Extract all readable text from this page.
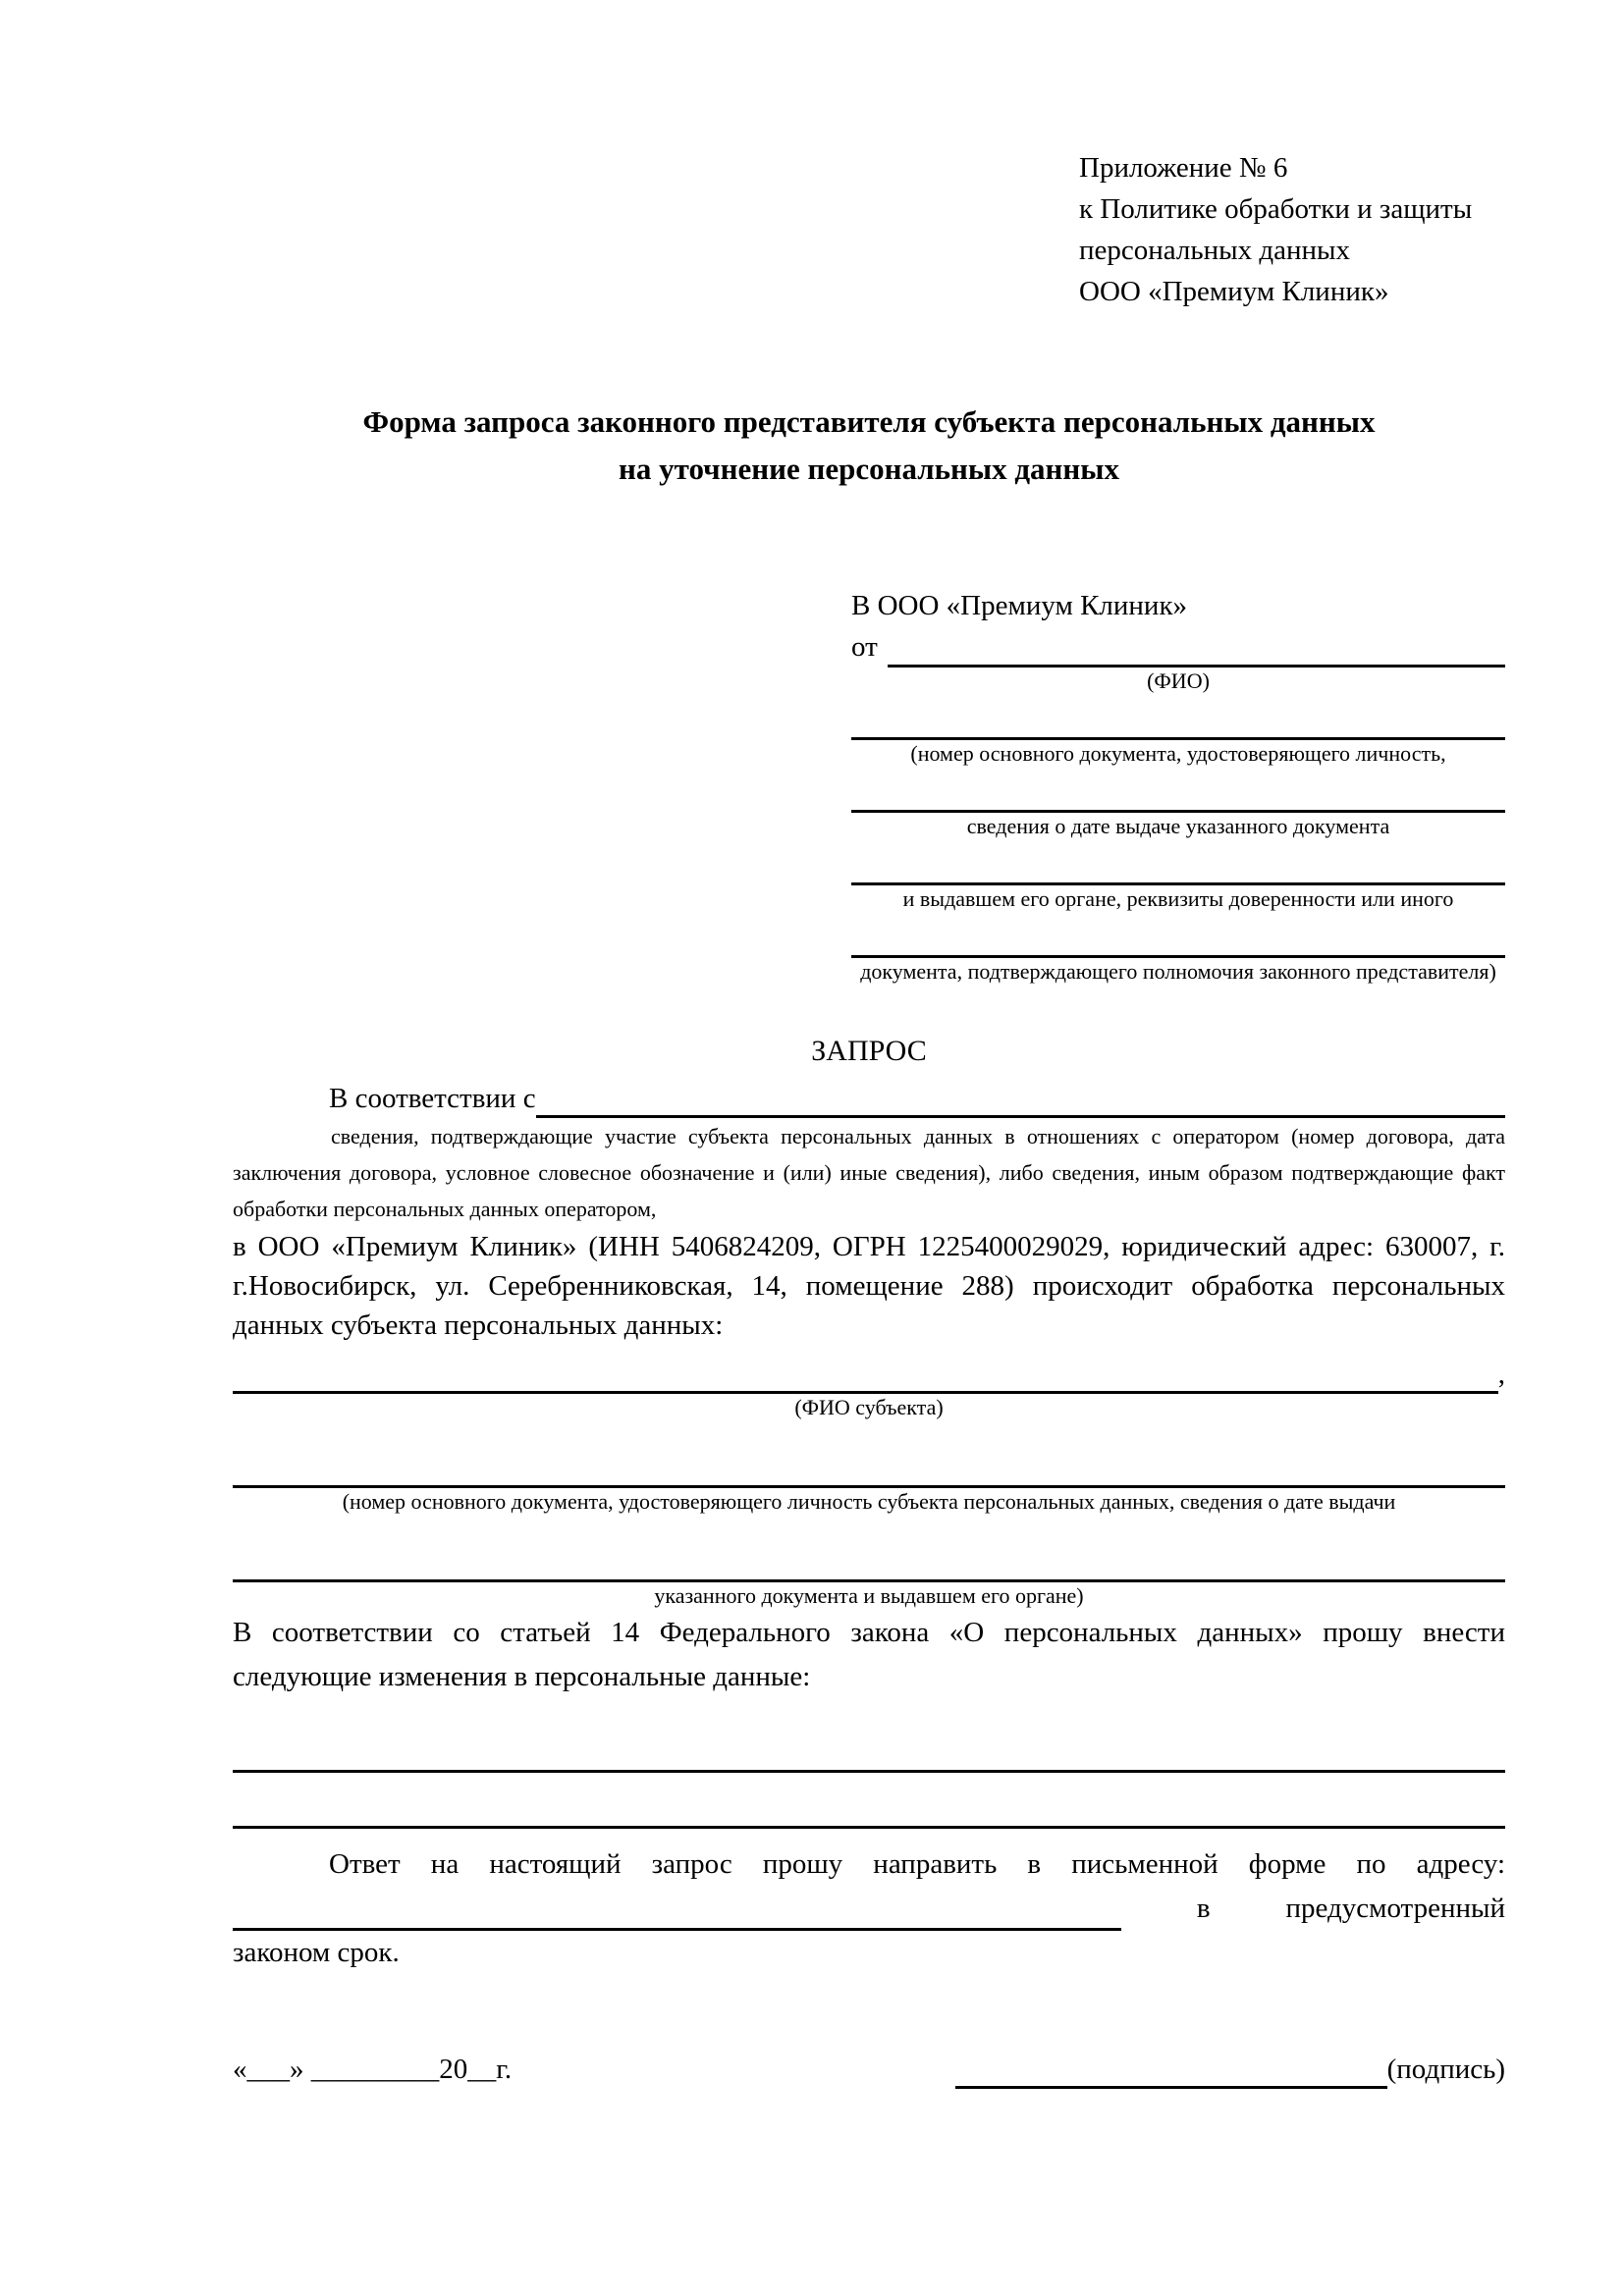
Приложение № 6
к Политике обработки и защиты
персональных данных
ООО «Премиум Клиник»
Форма запроса законного представителя субъекта персональных данных
на уточнение персональных данных
В ООО «Премиум Клиник»
от
(ФИО)
(номер основного документа, удостоверяющего личность,
сведения о дате выдаче указанного документа
и выдавшем его органе, реквизиты доверенности или иного
документа, подтверждающего полномочия законного представителя)
ЗАПРОС
В соответствии с
сведения, подтверждающие участие субъекта персональных данных в отношениях с оператором (номер договора, дата заключения договора, условное словесное обозначение и (или) иные сведения), либо сведения, иным образом подтверждающие факт обработки персональных данных оператором,
в ООО «Премиум Клиник» (ИНН 5406824209, ОГРН 1225400029029, юридический адрес: 630007, г. г.Новосибирск, ул. Серебренниковская, 14, помещение 288) происходит обработка персональных данных субъекта персональных данных:
,
(ФИО субъекта)
(номер основного документа, удостоверяющего личность субъекта персональных данных, сведения о дате выдачи
указанного документа и выдавшем его органе)
В соответствии со статьей 14 Федерального закона «О персональных данных» прошу внести следующие изменения в персональные данные:
Ответ на настоящий запрос прошу направить в письменной форме по адресу:
в	предусмотренный
законом срок.
«___» _________20__г.	(подпись)
